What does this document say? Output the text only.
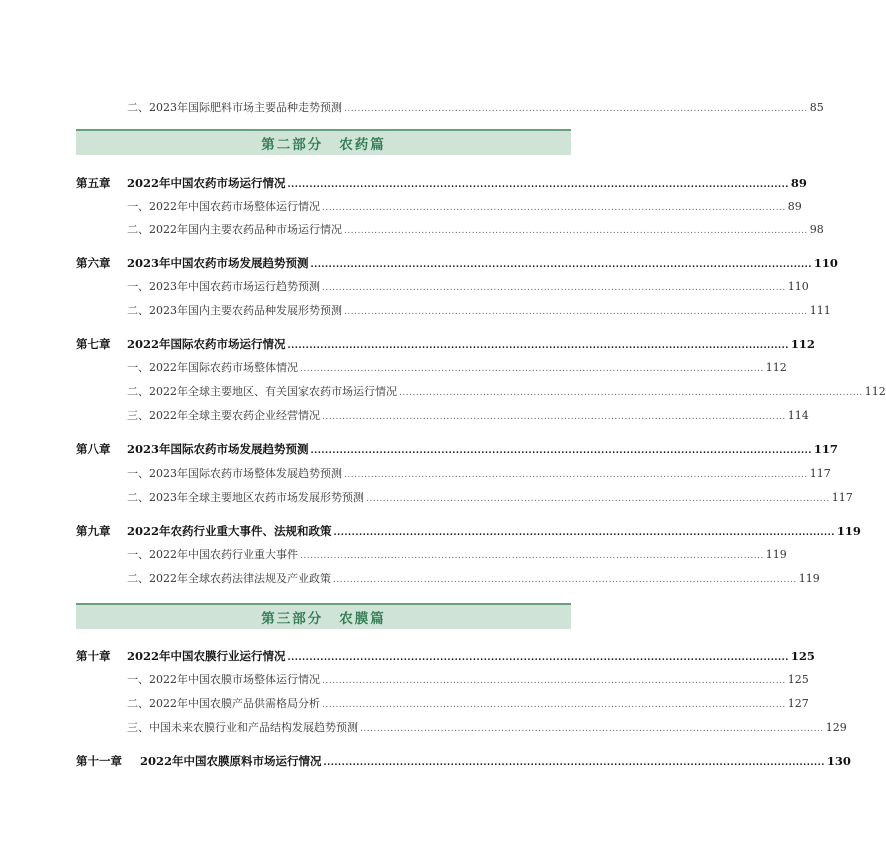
二、2023年国际肥料市场主要品种走势预测 .......................................................................................................................................... 85
第二部分 农药篇
第五章	2022年中国农药市场运行情况 .......................................................................................................................................... 89
一、2022年中国农药市场整体运行情况 .......................................................................................................................................... 89
二、2022年国内主要农药品种市场运行情况 .......................................................................................................................................... 98
第六章	2023年中国农药市场发展趋势预测 .......................................................................................................................................... 110
一、2023年中国农药市场运行趋势预测 .......................................................................................................................................... 110
二、2023年国内主要农药品种发展形势预测 .......................................................................................................................................... 111
第七章	2022年国际农药市场运行情况 .......................................................................................................................................... 112
一、2022年国际农药市场整体情况 .......................................................................................................................................... 112
二、2022年全球主要地区、有关国家农药市场运行情况 .......................................................................................................................................... 112
三、2022年全球主要农药企业经营情况 .......................................................................................................................................... 114
第八章	2023年国际农药市场发展趋势预测 .......................................................................................................................................... 117
一、2023年国际农药市场整体发展趋势预测 .......................................................................................................................................... 117
二、2023年全球主要地区农药市场发展形势预测 .......................................................................................................................................... 117
第九章	2022年农药行业重大事件、法规和政策 .......................................................................................................................................... 119
一、2022年中国农药行业重大事件 .......................................................................................................................................... 119
二、2022年全球农药法律法规及产业政策 .......................................................................................................................................... 119
第三部分 农膜篇
第十章	2022年中国农膜行业运行情况 .......................................................................................................................................... 125
一、2022年中国农膜市场整体运行情况 .......................................................................................................................................... 125
二、2022年中国农膜产品供需格局分析 .......................................................................................................................................... 127
三、中国未来农膜行业和产品结构发展趋势预测 .......................................................................................................................................... 129
第十一章	2022年中国农膜原料市场运行情况 .......................................................................................................................................... 130
